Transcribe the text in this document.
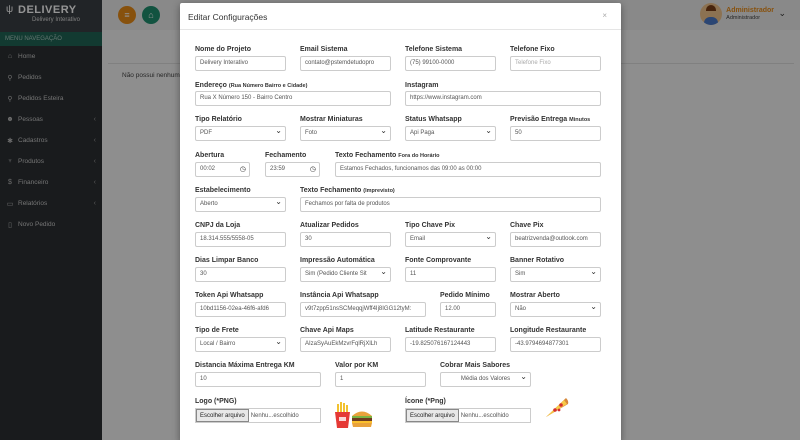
ψ DELIVERY
Delivery Interativo
MENU NAVEGAÇÃO
⌂ Home
⚲ Pedidos
⚲ Pedidos Esteira
☻ Pessoas	‹
✱ Cadastros	‹
♆ Produtos	‹
$ Financeiro	‹
▭ Relatórios	‹
▯ Novo Pedido
≡	⌂	Administrador
Administrador	⌄
Não possui nenhum
Editar Configurações	×
Nome do Projeto
Delivery Interativo
Email Sistema
contato@pstemdetudopro
Telefone Sistema
(75) 99100-0000
Telefone Fixo
Telefone Fixo
Endereço (Rua Número Bairro e Cidade)
Rua X Número 150 - Bairro Centro
Instagram
https://www.instagram.com
Tipo Relatório
PDF ⌄
Mostrar Miniaturas
Foto ⌄
Status Whatsapp
Api Paga ⌄
Previsão Entrega Minutos
50
Abertura
00:02 ◷
Fechamento
23:59 ◷
Texto Fechamento Fora do Horário
Estamos Fechados, funcionamos das 09:00 as 00:00
Estabelecimento
Aberto ⌄
Texto Fechamento (Imprevisto)
Fechamos por falta de produtos
CNPJ da Loja
18.314.555/5558-05
Atualizar Pedidos
30
Tipo Chave Pix
Email ⌄
Chave Pix
beatrizvenda@outlook.com
Dias Limpar Banco
30
Impressão Automática
Sim (Pedido Cliente Sit ⌄
Fonte Comprovante
11
Banner Rotativo
Sim ⌄
Token Api Whatsapp
10bd1156-02ea-46f6-afd6
Instância Api Whatsapp
v9t7zpp51nsSCMeqqjWff4Ij8IGG12tyM:
Pedido Mínimo
12.00
Mostrar Aberto
Não ⌄
Tipo de Frete
Local / Bairro ⌄
Chave Api Maps
AIzaSyAuEkMzvrFqlRjXlLh
Latitude Restaurante
-19.825076167124443
Longitude Restaurante
-43.9794694877301
Distancia Máxima Entrega KM
10
Valor por KM
1
Cobrar Mais Sabores
Média dos Valores ⌄
Logo (*PNG)
Escolher arquivo Nenhu...escolhido
Ícone (*Png)
Escolher arquivo Nenhu...escolhido
